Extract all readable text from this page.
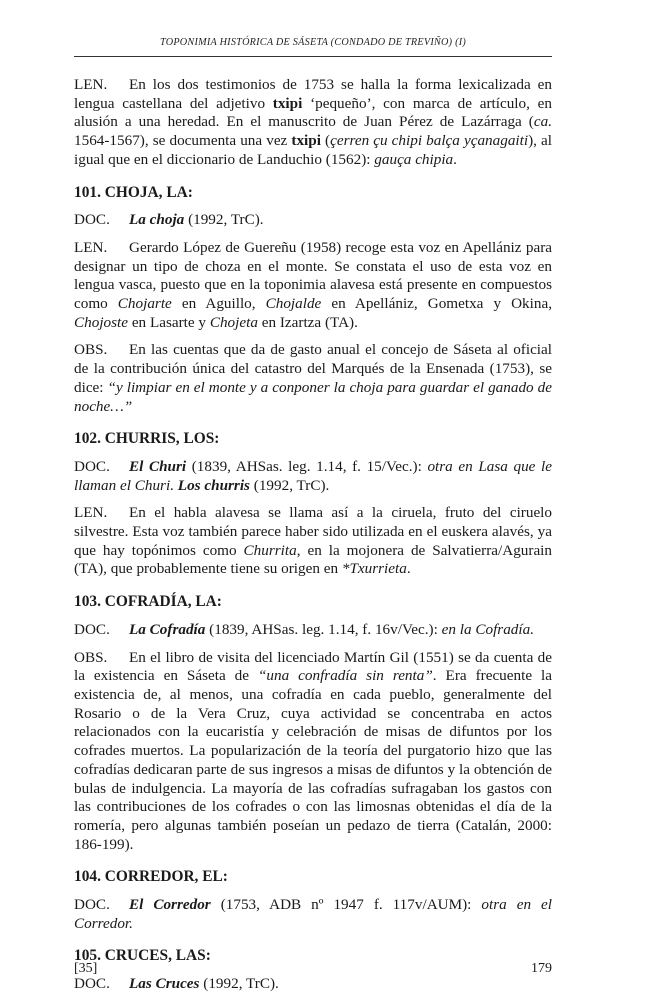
TOPONIMIA HISTÓRICA DE SÁSETA (CONDADO DE TREVIÑO) (I)

LEN. En los dos testimonios de 1753 se halla la forma lexicalizada en lengua castellana del adjetivo txipi ‘pequeño’, con marca de artículo, en alusión a una heredad. En el manuscrito de Juan Pérez de Lazárraga (ca. 1564-1567), se documenta una vez txipi (çerren çu chipi balça yçanagaiti), al igual que en el diccionario de Landuchio (1562): gauça chipia.

101. CHOJA, LA:

DOC. La choja (1992, TrC).

LEN. Gerardo López de Guereñu (1958) recoge esta voz en Apellániz para designar un tipo de choza en el monte. Se constata el uso de esta voz en lengua vasca, puesto que en la toponimia alavesa está presente en compuestos como Chojarte en Aguillo, Chojalde en Apellániz, Gometxa y Okina, Chojoste en Lasarte y Chojeta en Izartza (TA).

OBS. En las cuentas que da de gasto anual el concejo de Sáseta al oficial de la contribución única del catastro del Marqués de la Ensenada (1753), se dice: “y limpiar en el monte y a conponer la choja para guardar el ganado de noche…”

102. CHURRIS, LOS:

DOC. El Churi (1839, AHSas. leg. 1.14, f. 15/Vec.): otra en Lasa que le llaman el Churi. Los churris (1992, TrC).

LEN. En el habla alavesa se llama así a la ciruela, fruto del ciruelo silvestre. Esta voz también parece haber sido utilizada en el euskera alavés, ya que hay topónimos como Churrita, en la mojonera de Salvatierra/Agurain (TA), que probablemente tiene su origen en *Txurrieta.

103. COFRADÍA, LA:

DOC. La Cofradía (1839, AHSas. leg. 1.14, f. 16v/Vec.): en la Cofradía.

OBS. En el libro de visita del licenciado Martín Gil (1551) se da cuenta de la existencia en Sáseta de “una confradía sin renta”. Era frecuente la existencia de, al menos, una cofradía en cada pueblo, generalmente del Rosario o de la Vera Cruz, cuya actividad se concentraba en actos relacionados con la eucaristía y celebración de misas de difuntos por los cofrades muertos. La popularización de la teoría del purgatorio hizo que las cofradías dedicaran parte de sus ingresos a misas de difuntos y la obtención de bulas de indulgencia. La mayoría de las cofradías sufragaban los gastos con las contribuciones de los cofrades o con las limosnas obtenidas el día de la romería, pero algunas también poseían un pedazo de tierra (Catalán, 2000: 186-199).

104. CORREDOR, EL:

DOC. El Corredor (1753, ADB nº 1947 f. 117v/AUM): otra en el Corredor.

105. CRUCES, LAS:

DOC. Las Cruces (1992, TrC).

[35]	179
